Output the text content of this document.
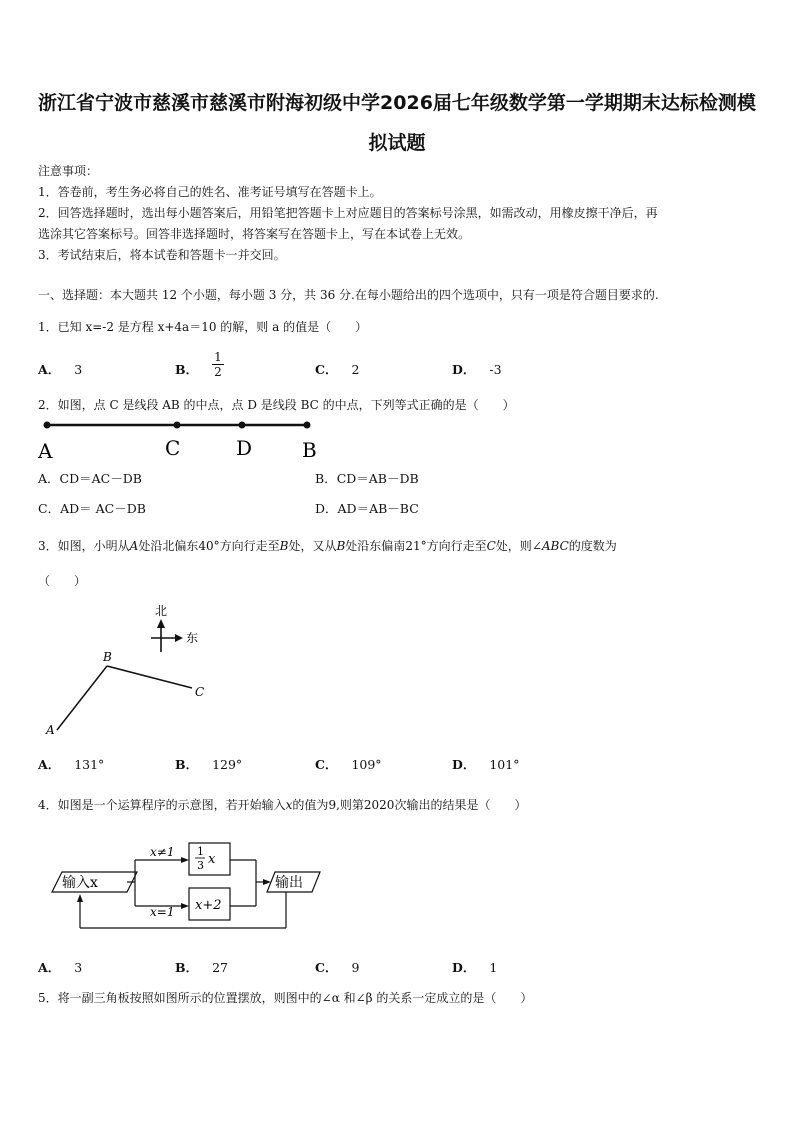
浙江省宁波市慈溪市慈溪市附海初级中学2026届七年级数学第一学期期末达标检测模
拟试题
注意事项：
1．答卷前，考生务必将自己的姓名、准考证号填写在答题卡上。
2．回答选择题时，选出每小题答案后，用铅笔把答题卡上对应题目的答案标号涂黑，如需改动，用橡皮擦干净后，再
选涂其它答案标号。回答非选择题时，将答案写在答题卡上，写在本试卷上无效。
3．考试结束后，将本试卷和答题卡一并交回。
一、选择题：本大题共 12 个小题，每小题 3 分，共 36 分.在每小题给出的四个选项中，只有一项是符合题目要求的.
1．已知 x=-2 是方程 x+4a＝10 的解，则 a 的值是（　　）
A． 3	B． $\frac{1}{2}$	C． 2	D． -3
2．如图，点 C 是线段 AB 的中点，点 D 是线段 BC 的中点，下列等式正确的是（　　）
A	C	D B
A．CD＝AC－DB	B．CD＝AB－DB
C．AD＝ AC－DB	D．AD＝AB－BC
3．如图，小明从A处沿北偏东40°方向行走至B处，又从B处沿东偏南21°方向行走至C处，则∠ABC的度数为
（　　）
北
东
A
B
C
A． 131°	B． 129°	C． 109°	D． 101°
4．如图是一个运算程序的示意图，若开始输入x的值为9,则第2020次输出的结果是（　　）
输入x
x≠1
x=1
1
3 x
x+2
输出
A． 3	B． 27	C． 9	D． 1
5．将一副三角板按照如图所示的位置摆放，则图中的∠α 和∠β 的关系一定成立的是（　　）
